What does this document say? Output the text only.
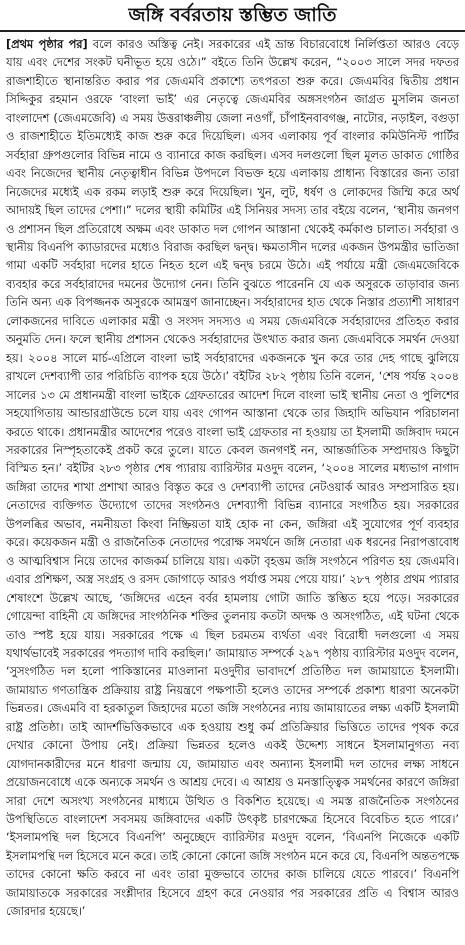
জঙ্গি বর্বরতায় স্তম্ভিত জাতি
[প্রথম পৃষ্ঠার পর] বলে কারও অস্তিত্ব নেই। সরকারের এই ভ্রান্ত বিচারবোধে নির্লিপ্ততা আরও বেড়ে যায় এবং দেশের সংকট ঘনীভূত হয়ে ওঠে।” বইতে তিনি উল্লেখ করেন, “২০০৩ সালে সদর দফতর রাজশাহীতে স্থানান্তরিত করার পর জেএমবি প্রকাশ্যে তৎপরতা শুরু করে। জেএমবির দ্বিতীয় প্রধান সিদ্দিকুর রহমান ওরফে ‘বাংলা ভাই’ এর নেতৃত্বে জেএমবির অঙ্গসংগঠন জাগ্রত মুসলিম জনতা বাংলাদেশ (জেএমজেবি) এ সময় উত্তরাঞ্চলীয় জেলা নওগাঁ, চাঁপাইনবাবগঞ্জ, নাটোর, নড়াইল, বগুড়া ও রাজশাহীতে ইতিমধ্যেই কাজ শুরু করে দিয়েছিল। এসব এলাকায় পূর্ব বাংলার কমিউনিস্ট পার্টির সর্বহারা গ্রুপগুলোর বিভিন্ন নামে ও ব্যানারে কাজ করছিল। এসব দলগুলো ছিল মূলত ডাকাত গোষ্ঠির এবং নিজেদের স্থানীয় নেতৃত্বাধীন বিভিন্ন উপদলে বিভক্ত হয়ে এলাকায় প্রাধান্য বিস্তারের জন্য তারা নিজেদের মধ্যেই এক রকম লড়াই শুরু করে দিয়েছিল। খুন, লুট, ধর্ষণ ও লোকদের জিম্মি করে অর্থ আদায়ই ছিল তাদের পেশা।” দলের স্থায়ী কমিটির এই সিনিয়র সদস্য তার বইয়ে বলেন, ‘স্থানীয় জনগণ ও প্রশাসন ছিল প্রতিরোধে অক্ষম এবং ডাকাত দল গোপন আস্তানা থেকেই কর্মকাণ্ড চালাত। সর্বহারা ও স্থানীয় বিএনপি ক্যাডারদের মধ্যেও বিরাজ করছিল দ্বন্দ্ব। ক্ষমতাসীন দলের একজন উপমন্ত্রীর ভাতিজা গামা একটি সর্বহারা দলের হাতে নিহত হলে এই দ্বন্দ্ব চরমে উঠে। এই পর্যায়ে মন্ত্রী জেএমজেবিকে ব্যবহার করে সর্বহারাদের দমনের উদ্যোগ নেন। তিনি বুঝতে পারেননি যে এক অসুরকে তাড়াবার জন্য তিনি অন্য এক বিপজ্জনক অসুরকে আমন্ত্রণ জানাচ্ছেন। সর্বহারাদের হাত থেকে নিস্তার প্রত্যাশী সাধারণ লোকজনের দাবিতে এলাকার মন্ত্রী ও সংসদ সদস্যও এ সময় জেএমবিকে সর্বহারাদের প্রতিহত করার অনুমতি দেন। ফলে স্থানীয় প্রশাসন থেকেও সর্বহারাদের উৎখাত করার জন্য জেএমবিকে সমর্থন দেওয়া হয়। ২০০৪ সালে মার্চ-এপ্রিলে বাংলা ভাই সর্বহারাদের একজনকে খুন করে তার দেহ গাছে ঝুলিয়ে রাখলে দেশব্যাপী তার পরিচিতি ব্যাপক হয়ে উঠে।’ বইটির ২৮২ পৃষ্ঠায় তিনি বলেন, ‘শেষ পর্যন্ত ২০০৪ সালের ১৩ মে প্রধানমন্ত্রী বাংলা ভাইকে গ্রেফতারের আদেশ দিলে বাংলা ভাই স্থানীয় নেতা ও পুলিশের সহযোগিতায় আন্ডারগ্রাউন্ডে চলে যায় এবং গোপন আস্তানা থেকে তার জিহাদি অভিযান পরিচালনা করতে থাকে। প্রধানমন্ত্রীর আদেশের পরেও বাংলা ভাই গ্রেফতার না হওয়ায় তা ইসলামী জঙ্গিবাদ দমনে সরকারের নিস্পৃহতাকেই প্রকট করে তুলে। যাতে কেবল জনগণই নন, আন্তর্জাতিক সম্প্রদায়ও কিছুটা বিস্মিত হন।’ বইটির ২৮৩ পৃষ্ঠার শেষ প্যারায় ব্যারিস্টার মওদুদ বলেন, ‘২০০৪ সালের মধ্যভাগ নাগাদ জঙ্গিরা তাদের শাখা প্রশাখা আরও বিস্তৃত করে ও দেশব্যাপী তাদের নেটওয়ার্ক আরও সম্প্রসারিত হয়। নেতাদের ব্যক্তিগত উদ্যোগে তাদের সংগঠনও দেশব্যাপী বিভিন্ন ব্যানারে সংগঠিত হয়। সরকারের উপলব্ধির অভাব, নমনীয়তা কিংবা নিষ্ক্রিয়তা যাই হোক না কেন, জঙ্গিরা এই সুযোগের পূর্ণ ব্যবহার করে। কয়েকজন মন্ত্রী ও রাজনৈতিক নেতাদের পরোক্ষ সমর্থনে জঙ্গি নেতারা এক ধরনের নিরাপত্তাবোধ ও আত্মবিশ্বাস নিয়ে তাদের কাজকর্ম চালিয়ে যায়। একটা বৃহত্তম জঙ্গি সংগঠনে পরিণত হয় জেএমবি। এবার প্রশিক্ষণ, অস্ত্র সংগ্রহ ও রসদ জোগাড়ে আরও পর্যাপ্ত সময় পেয়ে যায়।’ ২৮৭ পৃষ্ঠার প্রথম প্যারার শেষাংশে উল্লেখ আছে, ‘জঙ্গিদের এহেন বর্বর হামলায় গোটা জাতি স্তম্ভিত হয়ে পড়ে। সরকারের গোয়েন্দা বাহিনী যে জঙ্গিদের সাংগঠনিক শক্তির তুলনায় কতটা অদক্ষ ও অসংগঠিত, এই ঘটনা থেকে তাও স্পষ্ট হয়ে যায়। সরকারের পক্ষে এ ছিল চরমতম ব্যর্থতা এবং বিরোধী দলগুলো এ সময় যথার্থভাবেই সরকারের পদত্যাগ দাবি করছিল।’ জামায়াত সম্পর্কে ২৯৭ পৃষ্ঠায় ব্যারিস্টার মওদুদ বলেন, ‘সুসংগঠিত দল হলো পাকিস্তানের মাওলানা মওদুদীর ভাবাদর্শে প্রতিষ্ঠিত দল জামায়াতে ইসলামী। জামায়াত গণতান্ত্রিক প্রক্রিয়ায় রাষ্ট্র নিয়ন্ত্রণে পক্ষপাতী হলেও তাদের সম্পর্কে প্রকাশ্য ধারণা অনেকটা ভিন্নতর। জেএমবি বা হরকাতুল জিহাদের মতো জঙ্গি সংগঠনের ন্যায় জামায়াতের লক্ষ্য একটি ইসলামী রাষ্ট্র প্রতিষ্ঠা। তাই আদর্শভিত্তিকভাবে এক হওয়ায় শুধু কর্ম প্রতিক্রিয়ার ভিত্তিতে তাদের পৃথক করে দেখার কোনো উপায় নেই। প্রক্রিয়া ভিন্নতর হলেও একই উদ্দেশ্য সাধনে ইসলামানুগত্য নব্য যোগদানকারীদের মনে ধারণা জন্মায় যে, জামায়াত এবং অন্যান্য ইসলামী দল তাদের লক্ষ্য সাধনে প্রয়োজনবোধে একে অন্যকে সমর্থন ও আশ্রয় দেবে। এ আশ্রয় ও মনস্তাত্ত্বিক সমর্থনের কারণে জঙ্গিরা সারা দেশে অসংখ্য সংগঠনের মাধ্যমে উত্থিত ও বিকশিত হয়েছে। এ সমস্ত রাজনৈতিক সংগঠনের উপস্থিতিতে বাংলাদেশ সবসময় জঙ্গিবাদের একটি উৎকৃষ্ট চারণক্ষেত্র হিসেবে বিবেচিত হতে পারে।’ ‘ইসলামপন্থি দল হিসেবে বিএনপি’ অনুচ্ছেদে ব্যারিস্টার মওদুদ বলেন, ‘বিএনপি নিজেকে একটি ইসলামপন্থি দল হিসেবে মনে করে। তাই কোনো কোনো জঙ্গি সংগঠন মনে করে যে, বিএনপি অন্ততপক্ষে তাদের কোনো ক্ষতি করবে না এবং তারা মুক্তভাবে তাদের কাজ চালিয়ে যেতে পারবে।’ বিএনপি জামায়াতকে সরকারের সংশ্লীদার হিসেবে গ্রহণ করে নেওয়ার পর সরকারের প্রতি এ বিশ্বাস আরও জোরদার হয়েছে।’
